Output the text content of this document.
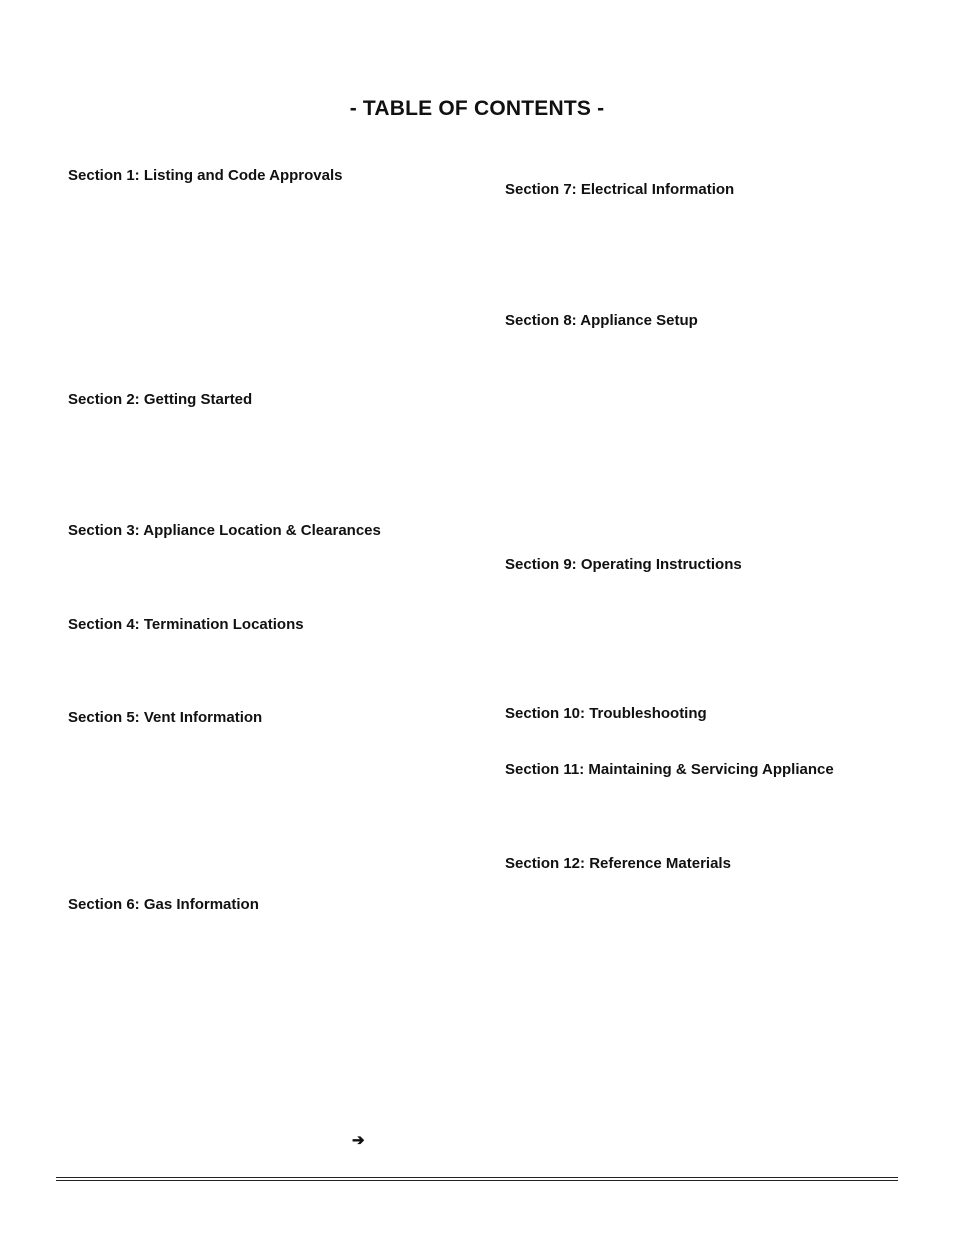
- TABLE OF CONTENTS -
Section 1: Listing and Code Approvals
Section 2: Getting Started
Section 3: Appliance Location & Clearances
Section 4: Termination Locations
Section 5: Vent Information
Section 6: Gas Information
Section 7: Electrical Information
Section 8: Appliance Setup
Section 9: Operating Instructions
Section 10: Troubleshooting
Section 11: Maintaining & Servicing Appliance
Section 12: Reference Materials
➔
